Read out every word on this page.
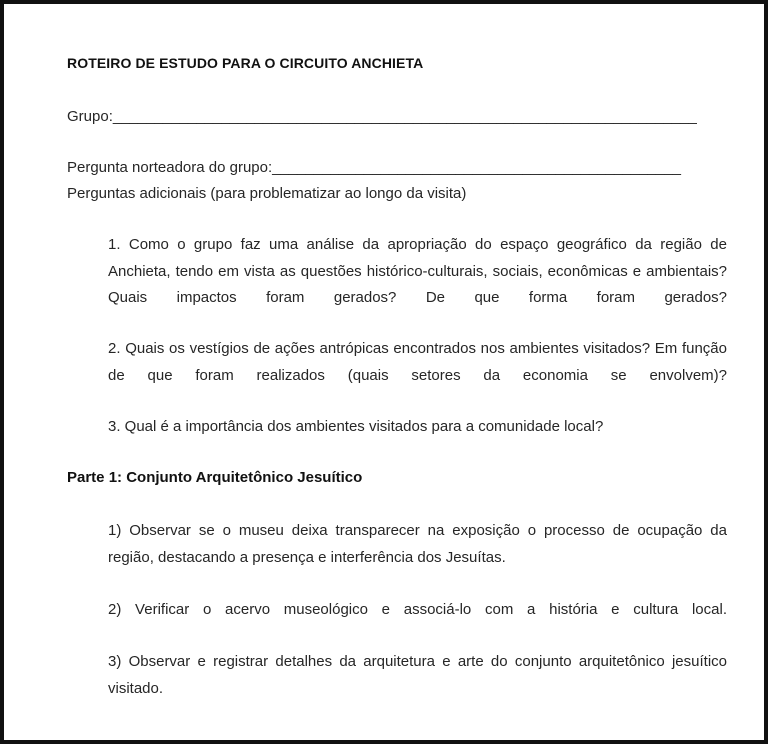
ROTEIRO DE ESTUDO PARA O CIRCUITO ANCHIETA
Grupo:______________________________________________________________________
Pergunta norteadora do grupo:_________________________________________________
Perguntas adicionais (para problematizar ao longo da visita)
1. Como o grupo faz uma análise da apropriação do espaço geográfico da região de Anchieta, tendo em vista as questões histórico-culturais, sociais, econômicas e ambientais? Quais impactos foram gerados? De que forma foram gerados?
2. Quais os vestígios de ações antrópicas encontrados nos ambientes visitados? Em função de que foram realizados (quais setores da economia se envolvem)?
3. Qual é a importância dos ambientes visitados para a comunidade local?
Parte 1: Conjunto Arquitetônico Jesuítico
1) Observar se o museu deixa transparecer na exposição o processo de ocupação da região, destacando a presença e interferência dos Jesuítas.
2) Verificar o acervo museológico e associá-lo com a história e cultura local.
3) Observar e registrar detalhes da arquitetura e arte do conjunto arquitetônico jesuítico visitado.
